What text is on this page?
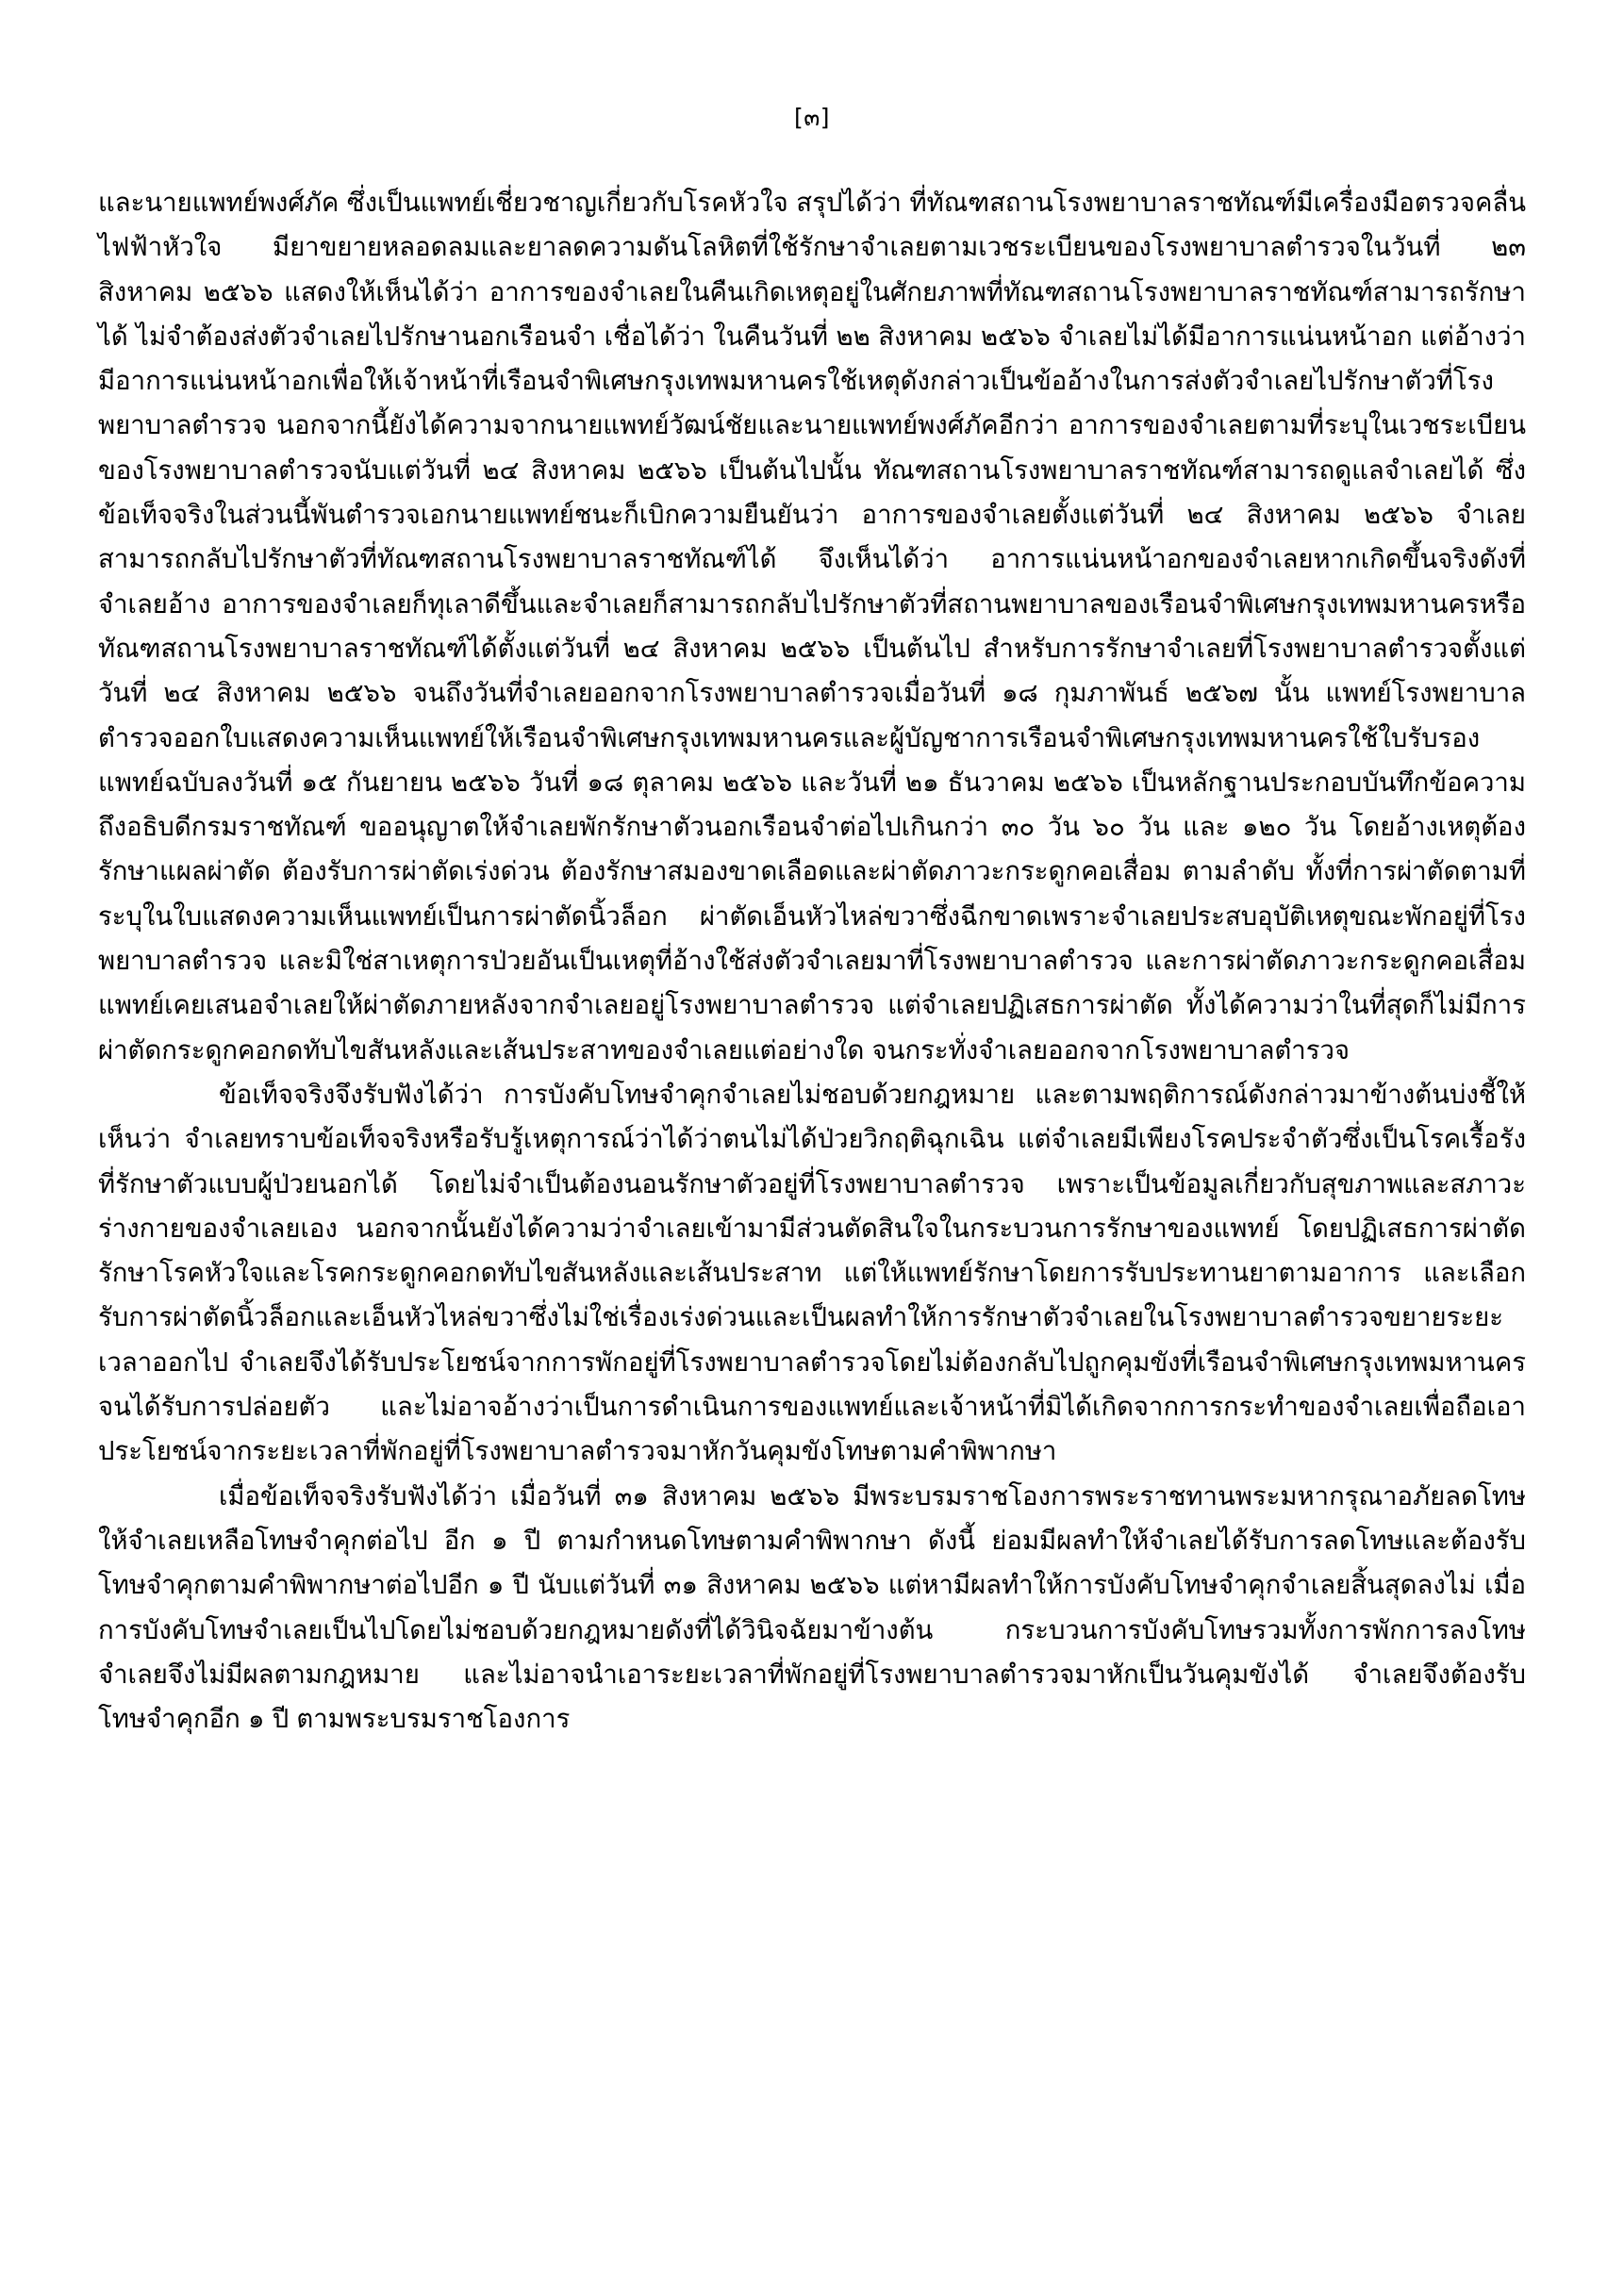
[๓]

และนายแพทย์พงศ์ภัค ซึ่งเป็นแพทย์เชี่ยวชาญเกี่ยวกับโรคหัวใจ สรุปได้ว่า ที่ทัณฑสถานโรงพยาบาลราชทัณฑ์มีเครื่องมือตรวจคลื่นไฟฟ้าหัวใจ มียาขยายหลอดลมและยาลดความดันโลหิตที่ใช้รักษาจำเลยตามเวชระเบียนของโรงพยาบาลตำรวจในวันที่ ๒๓ สิงหาคม ๒๕๖๖ แสดงให้เห็นได้ว่า อาการของจำเลยในคืนเกิดเหตุอยู่ในศักยภาพที่ทัณฑสถานโรงพยาบาลราชทัณฑ์สามารถรักษาได้ ไม่จำต้องส่งตัวจำเลยไปรักษานอกเรือนจำ เชื่อได้ว่า ในคืนวันที่ ๒๒ สิงหาคม ๒๕๖๖ จำเลยไม่ได้มีอาการแน่นหน้าอก แต่อ้างว่ามีอาการแน่นหน้าอกเพื่อให้เจ้าหน้าที่เรือนจำพิเศษกรุงเทพมหานครใช้เหตุดังกล่าวเป็นข้ออ้างในการส่งตัวจำเลยไปรักษาตัวที่โรงพยาบาลตำรวจ นอกจากนี้ยังได้ความจากนายแพทย์วัฒน์ชัยและนายแพทย์พงศ์ภัคอีกว่า อาการของจำเลยตามที่ระบุในเวชระเบียนของโรงพยาบาลตำรวจนับแต่วันที่ ๒๔ สิงหาคม ๒๕๖๖ เป็นต้นไปนั้น ทัณฑสถานโรงพยาบาลราชทัณฑ์สามารถดูแลจำเลยได้ ซึ่งข้อเท็จจริงในส่วนนี้พันตำรวจเอกนายแพทย์ชนะก็เบิกความยืนยันว่า อาการของจำเลยตั้งแต่วันที่ ๒๔ สิงหาคม ๒๕๖๖ จำเลยสามารถกลับไปรักษาตัวที่ทัณฑสถานโรงพยาบาลราชทัณฑ์ได้ จึงเห็นได้ว่า อาการแน่นหน้าอกของจำเลยหากเกิดขึ้นจริงดังที่จำเลยอ้าง อาการของจำเลยก็ทุเลาดีขึ้นและจำเลยก็สามารถกลับไปรักษาตัวที่สถานพยาบาลของเรือนจำพิเศษกรุงเทพมหานครหรือทัณฑสถานโรงพยาบาลราชทัณฑ์ได้ตั้งแต่วันที่ ๒๔ สิงหาคม ๒๕๖๖ เป็นต้นไป สำหรับการรักษาจำเลยที่โรงพยาบาลตำรวจตั้งแต่วันที่ ๒๔ สิงหาคม ๒๕๖๖ จนถึงวันที่จำเลยออกจากโรงพยาบาลตำรวจเมื่อวันที่ ๑๘ กุมภาพันธ์ ๒๕๖๗ นั้น แพทย์โรงพยาบาลตำรวจออกใบแสดงความเห็นแพทย์ให้เรือนจำพิเศษกรุงเทพมหานครและผู้บัญชาการเรือนจำพิเศษกรุงเทพมหานครใช้ใบรับรองแพทย์ฉบับลงวันที่ ๑๕ กันยายน ๒๕๖๖ วันที่ ๑๘ ตุลาคม ๒๕๖๖ และวันที่ ๒๑ ธันวาคม ๒๕๖๖ เป็นหลักฐานประกอบบันทึกข้อความถึงอธิบดีกรมราชทัณฑ์ ขออนุญาตให้จำเลยพักรักษาตัวนอกเรือนจำต่อไปเกินกว่า ๓๐ วัน ๖๐ วัน และ ๑๒๐ วัน โดยอ้างเหตุต้องรักษาแผลผ่าตัด ต้องรับการผ่าตัดเร่งด่วน ต้องรักษาสมองขาดเลือดและผ่าตัดภาวะกระดูกคอเสื่อม ตามลำดับ ทั้งที่การผ่าตัดตามที่ระบุในใบแสดงความเห็นแพทย์เป็นการผ่าตัดนิ้วล็อก ผ่าตัดเอ็นหัวไหล่ขวาซึ่งฉีกขาดเพราะจำเลยประสบอุบัติเหตุขณะพักอยู่ที่โรงพยาบาลตำรวจ และมิใช่สาเหตุการป่วยอันเป็นเหตุที่อ้างใช้ส่งตัวจำเลยมาที่โรงพยาบาลตำรวจ และการผ่าตัดภาวะกระดูกคอเสื่อมแพทย์เคยเสนอจำเลยให้ผ่าตัดภายหลังจากจำเลยอยู่โรงพยาบาลตำรวจ แต่จำเลยปฏิเสธการผ่าตัด ทั้งได้ความว่าในที่สุดก็ไม่มีการผ่าตัดกระดูกคอกดทับไขสันหลังและเส้นประสาทของจำเลยแต่อย่างใด จนกระทั่งจำเลยออกจากโรงพยาบาลตำรวจ

ข้อเท็จจริงจึงรับฟังได้ว่า การบังคับโทษจำคุกจำเลยไม่ชอบด้วยกฎหมาย และตามพฤติการณ์ดังกล่าวมาข้างต้นบ่งชี้ให้เห็นว่า จำเลยทราบข้อเท็จจริงหรือรับรู้เหตุการณ์ว่าได้ว่าตนไม่ได้ป่วยวิกฤติฉุกเฉิน แต่จำเลยมีเพียงโรคประจำตัวซึ่งเป็นโรคเรื้อรังที่รักษาตัวแบบผู้ป่วยนอกได้ โดยไม่จำเป็นต้องนอนรักษาตัวอยู่ที่โรงพยาบาลตำรวจ เพราะเป็นข้อมูลเกี่ยวกับสุขภาพและสภาวะร่างกายของจำเลยเอง นอกจากนั้นยังได้ความว่าจำเลยเข้ามามีส่วนตัดสินใจในกระบวนการรักษาของแพทย์ โดยปฏิเสธการผ่าตัดรักษาโรคหัวใจและโรคกระดูกคอกดทับไขสันหลังและเส้นประสาท แต่ให้แพทย์รักษาโดยการรับประทานยาตามอาการ และเลือกรับการผ่าตัดนิ้วล็อกและเอ็นหัวไหล่ขวาซึ่งไม่ใช่เรื่องเร่งด่วนและเป็นผลทำให้การรักษาตัวจำเลยในโรงพยาบาลตำรวจขยายระยะเวลาออกไป จำเลยจึงได้รับประโยชน์จากการพักอยู่ที่โรงพยาบาลตำรวจโดยไม่ต้องกลับไปถูกคุมขังที่เรือนจำพิเศษกรุงเทพมหานครจนได้รับการปล่อยตัว และไม่อาจอ้างว่าเป็นการดำเนินการของแพทย์และเจ้าหน้าที่มิได้เกิดจากการกระทำของจำเลยเพื่อถือเอาประโยชน์จากระยะเวลาที่พักอยู่ที่โรงพยาบาลตำรวจมาหักวันคุมขังโทษตามคำพิพากษา

เมื่อข้อเท็จจริงรับฟังได้ว่า เมื่อวันที่ ๓๑ สิงหาคม ๒๕๖๖ มีพระบรมราชโองการพระราชทานพระมหากรุณาอภัยลดโทษให้จำเลยเหลือโทษจำคุกต่อไป อีก ๑ ปี ตามกำหนดโทษตามคำพิพากษา ดังนี้ ย่อมมีผลทำให้จำเลยได้รับการลดโทษและต้องรับโทษจำคุกตามคำพิพากษาต่อไปอีก ๑ ปี นับแต่วันที่ ๓๑ สิงหาคม ๒๕๖๖ แต่หามีผลทำให้การบังคับโทษจำคุกจำเลยสิ้นสุดลงไม่ เมื่อการบังคับโทษจำเลยเป็นไปโดยไม่ชอบด้วยกฎหมายดังที่ได้วินิจฉัยมาข้างต้น กระบวนการบังคับโทษรวมทั้งการพักการลงโทษจำเลยจึงไม่มีผลตามกฎหมาย และไม่อาจนำเอาระยะเวลาที่พักอยู่ที่โรงพยาบาลตำรวจมาหักเป็นวันคุมขังได้ จำเลยจึงต้องรับโทษจำคุกอีก ๑ ปี ตามพระบรมราชโองการ
